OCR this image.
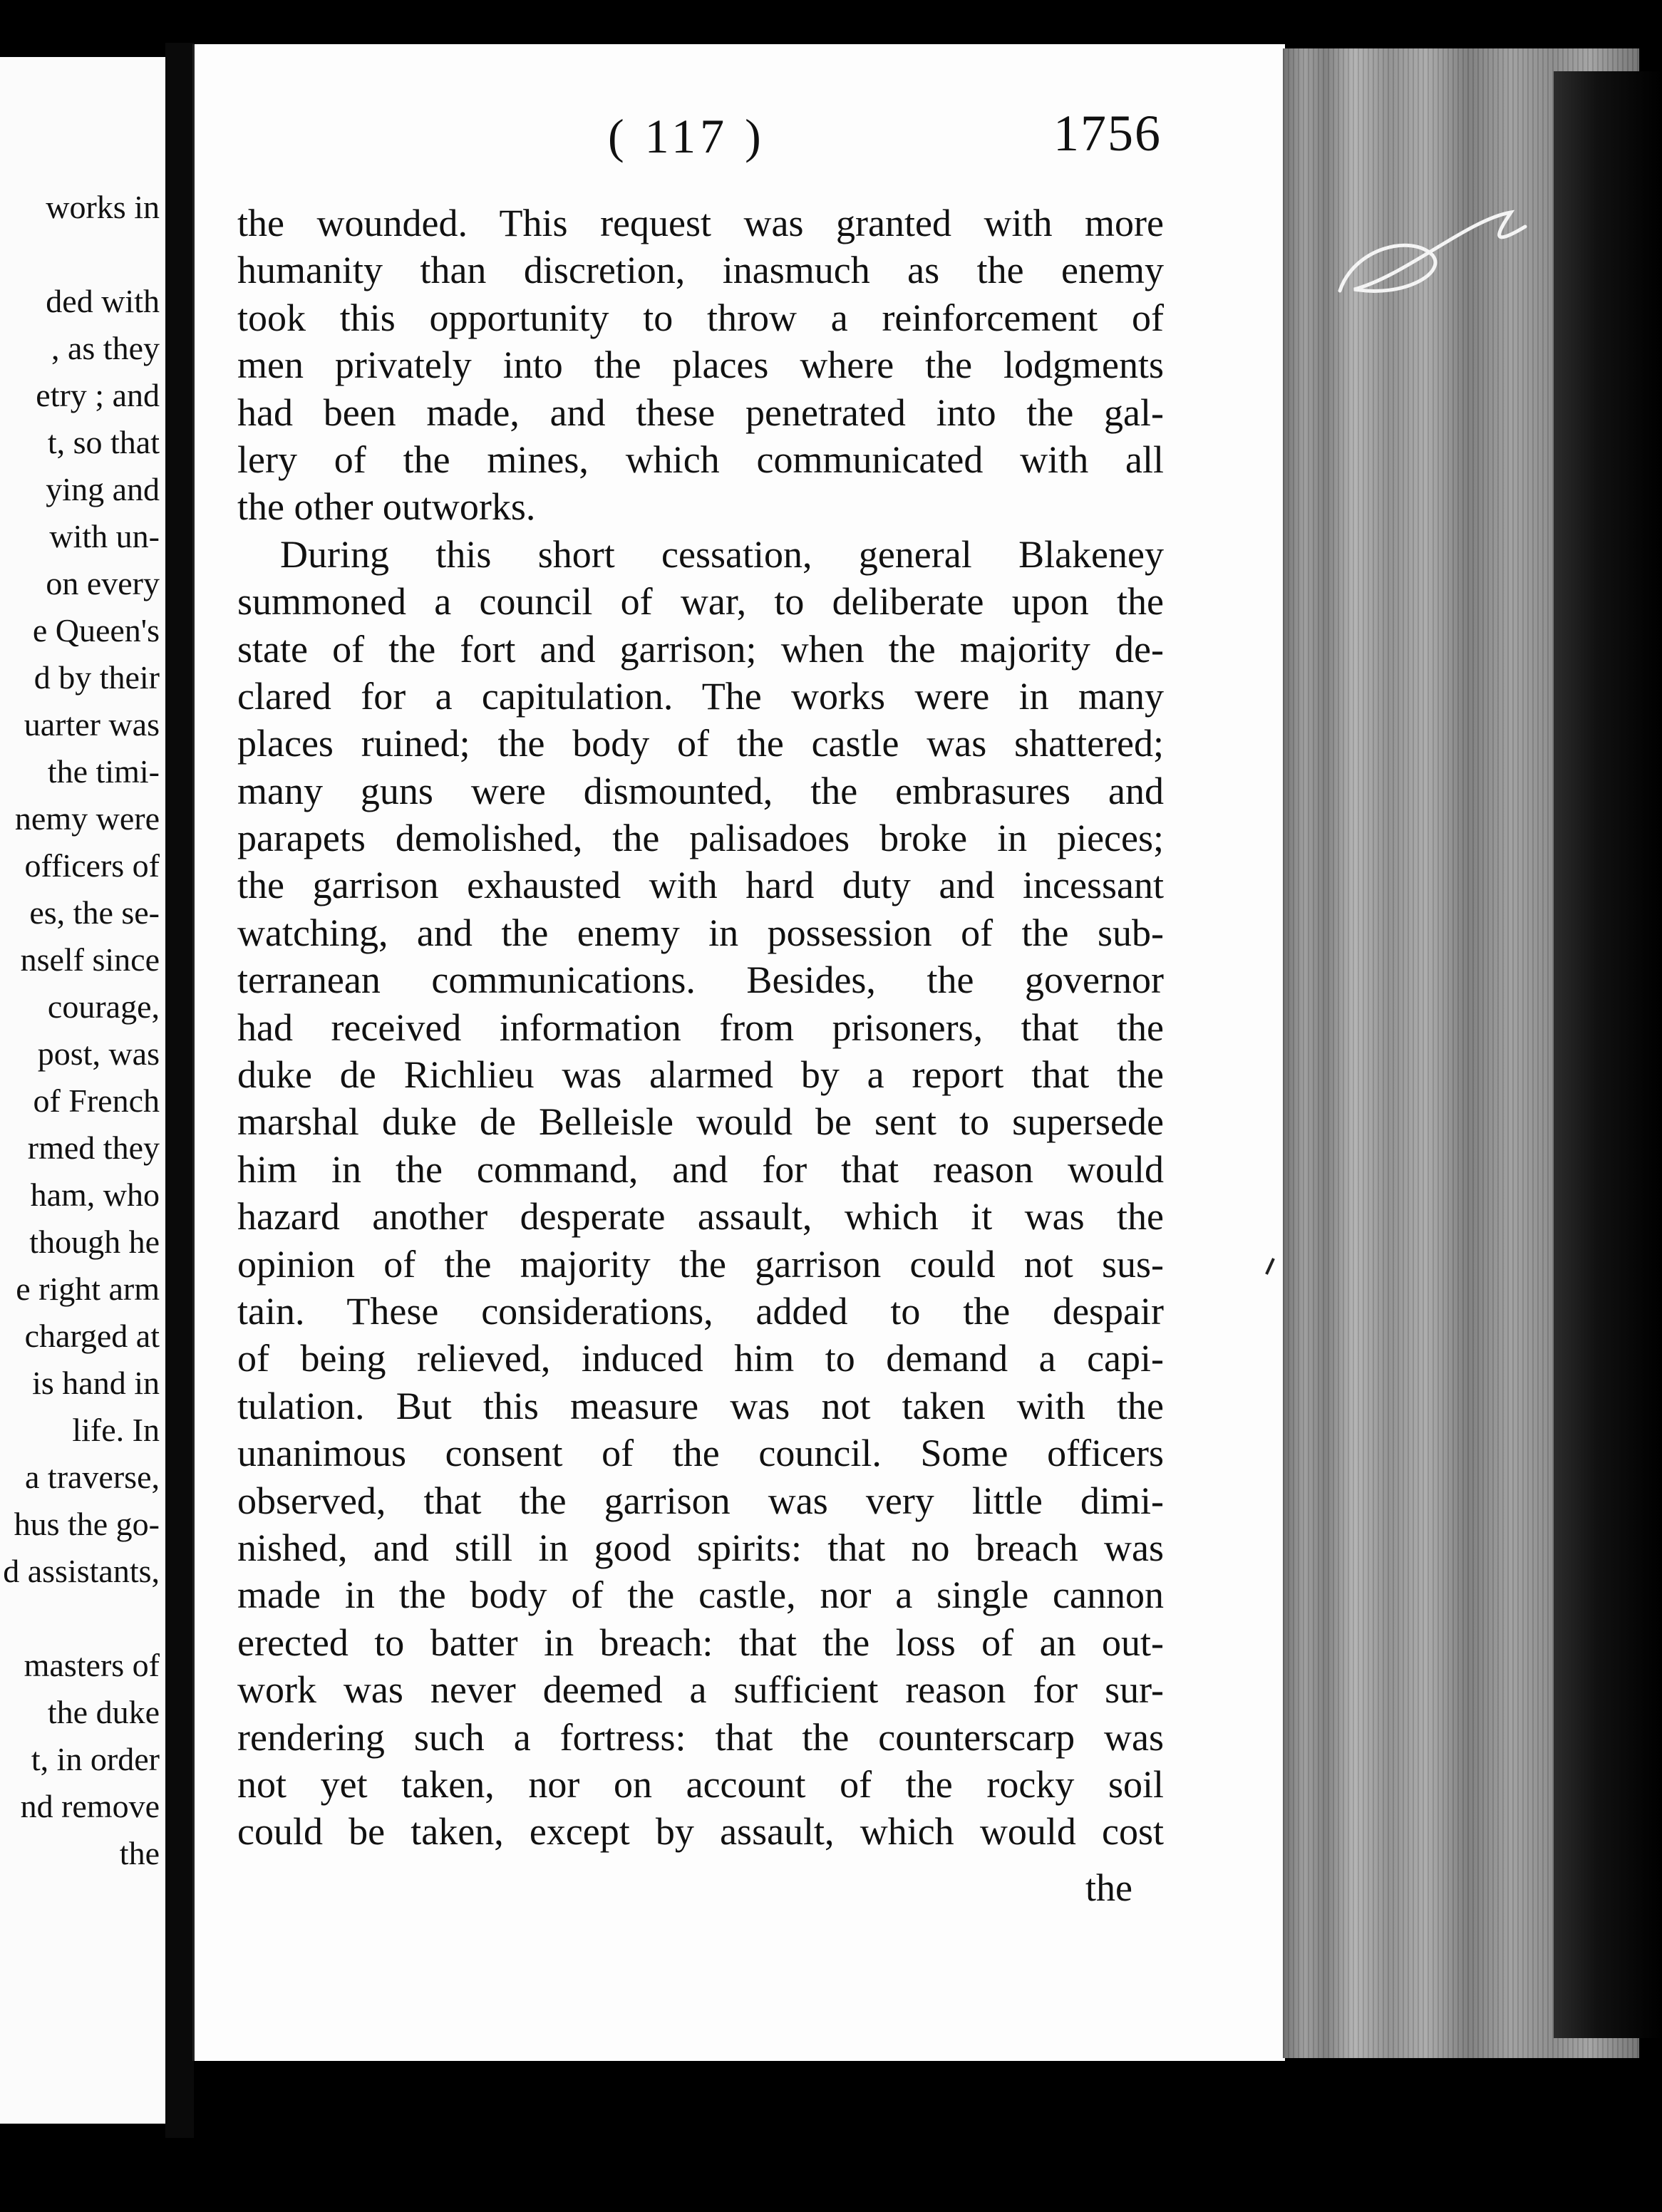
works in
ded with
, as they
etry ; and
t, so that
ying and
with un-
on every
e Queen's
d by their
uarter was
the timi-
nemy were
officers of
es, the se-
nself since
courage,
post, was
of French
rmed they
ham, who
though he
e right arm
charged at
is hand in
life. In
a traverse,
hus the go-
d assistants,
masters of
the duke
t, in order
nd remove
the
( 117 )	1756
the wounded. This request was granted with more
humanity than discretion, inasmuch as the enemy
took this opportunity to throw a reinforcement of
men privately into the places where the lodgments
had been made, and these penetrated into the gal-
lery of the mines, which communicated with all
the other outworks.
During this short cessation, general Blakeney
summoned a council of war, to deliberate upon the
state of the fort and garrison; when the majority de-
clared for a capitulation. The works were in many
places ruined; the body of the castle was shattered;
many guns were dismounted, the embrasures and
parapets demolished, the palisadoes broke in pieces;
the garrison exhausted with hard duty and incessant
watching, and the enemy in possession of the sub-
terranean communications. Besides, the governor
had received information from prisoners, that the
duke de Richlieu was alarmed by a report that the
marshal duke de Belleisle would be sent to supersede
him in the command, and for that reason would
hazard another desperate assault, which it was the
opinion of the majority the garrison could not sus-
tain. These considerations, added to the despair
of being relieved, induced him to demand a capi-
tulation. But this measure was not taken with the
unanimous consent of the council. Some officers
observed, that the garrison was very little dimi-
nished, and still in good spirits: that no breach was
made in the body of the castle, nor a single cannon
erected to batter in breach: that the loss of an out-
work was never deemed a sufficient reason for sur-
rendering such a fortress: that the counterscarp was
not yet taken, nor on account of the rocky soil
could be taken, except by assault, which would cost
the
